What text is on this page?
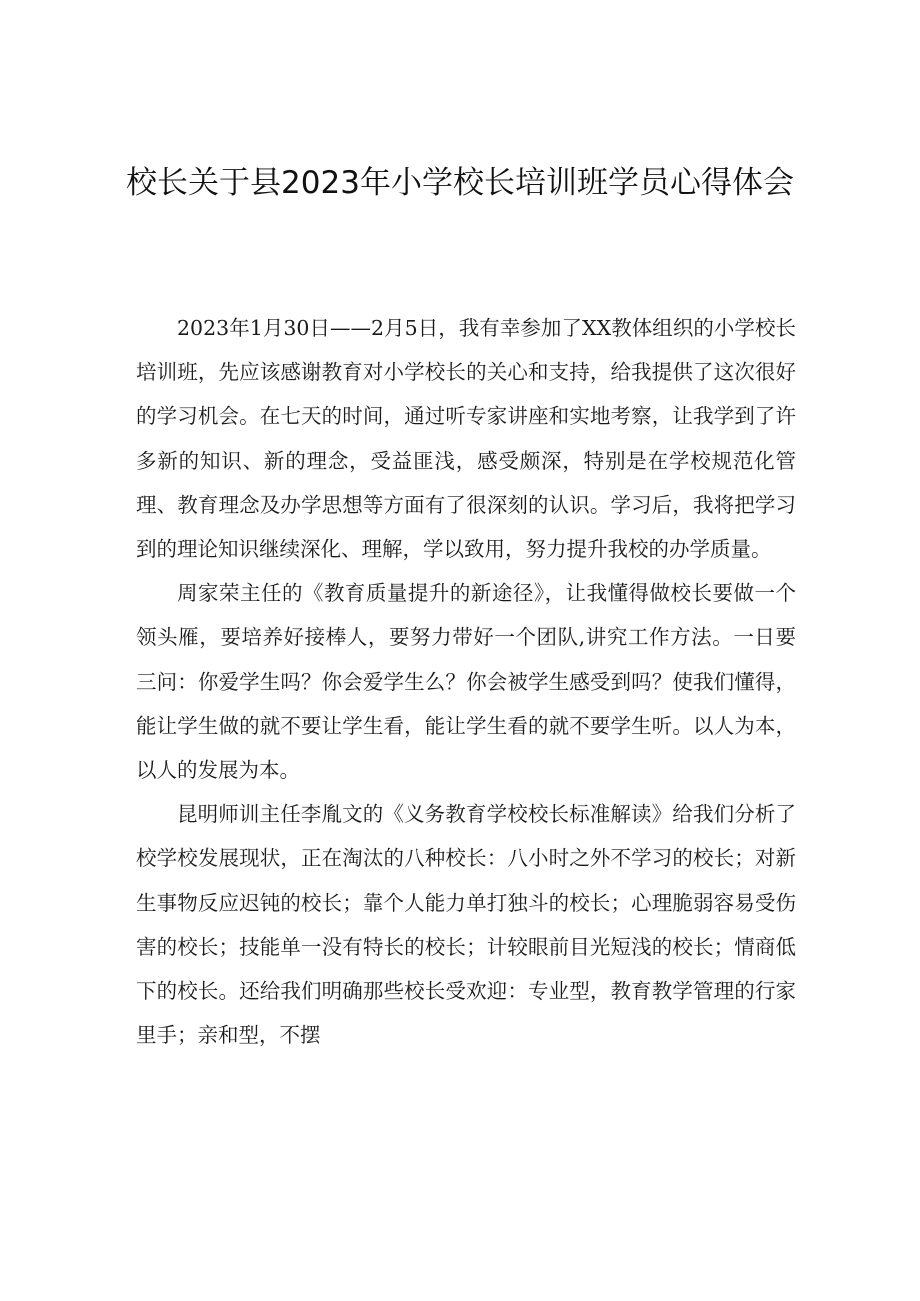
校长关于县2023年小学校长培训班学员心得体会

2023年1月30日——2月5日，我有幸参加了XX教体组织的小学校长培训班，先应该感谢教育对小学校长的关心和支持，给我提供了这次很好的学习机会。在七天的时间，通过听专家讲座和实地考察，让我学到了许多新的知识、新的理念，受益匪浅，感受颇深，特别是在学校规范化管理、教育理念及办学思想等方面有了很深刻的认识。学习后，我将把学习到的理论知识继续深化、理解，学以致用，努力提升我校的办学质量。

周家荣主任的《教育质量提升的新途径》，让我懂得做校长要做一个领头雁，要培养好接棒人，要努力带好一个团队,讲究工作方法。一日要三问：你爱学生吗？你会爱学生么？你会被学生感受到吗？使我们懂得，能让学生做的就不要让学生看，能让学生看的就不要学生听。以人为本，以人的发展为本。

昆明师训主任李胤文的《义务教育学校校长标准解读》给我们分析了校学校发展现状，正在淘汰的八种校长：八小时之外不学习的校长；对新生事物反应迟钝的校长；靠个人能力单打独斗的校长；心理脆弱容易受伤害的校长；技能单一没有特长的校长；计较眼前目光短浅的校长；情商低下的校长。还给我们明确那些校长受欢迎：专业型，教育教学管理的行家里手；亲和型，不摆
